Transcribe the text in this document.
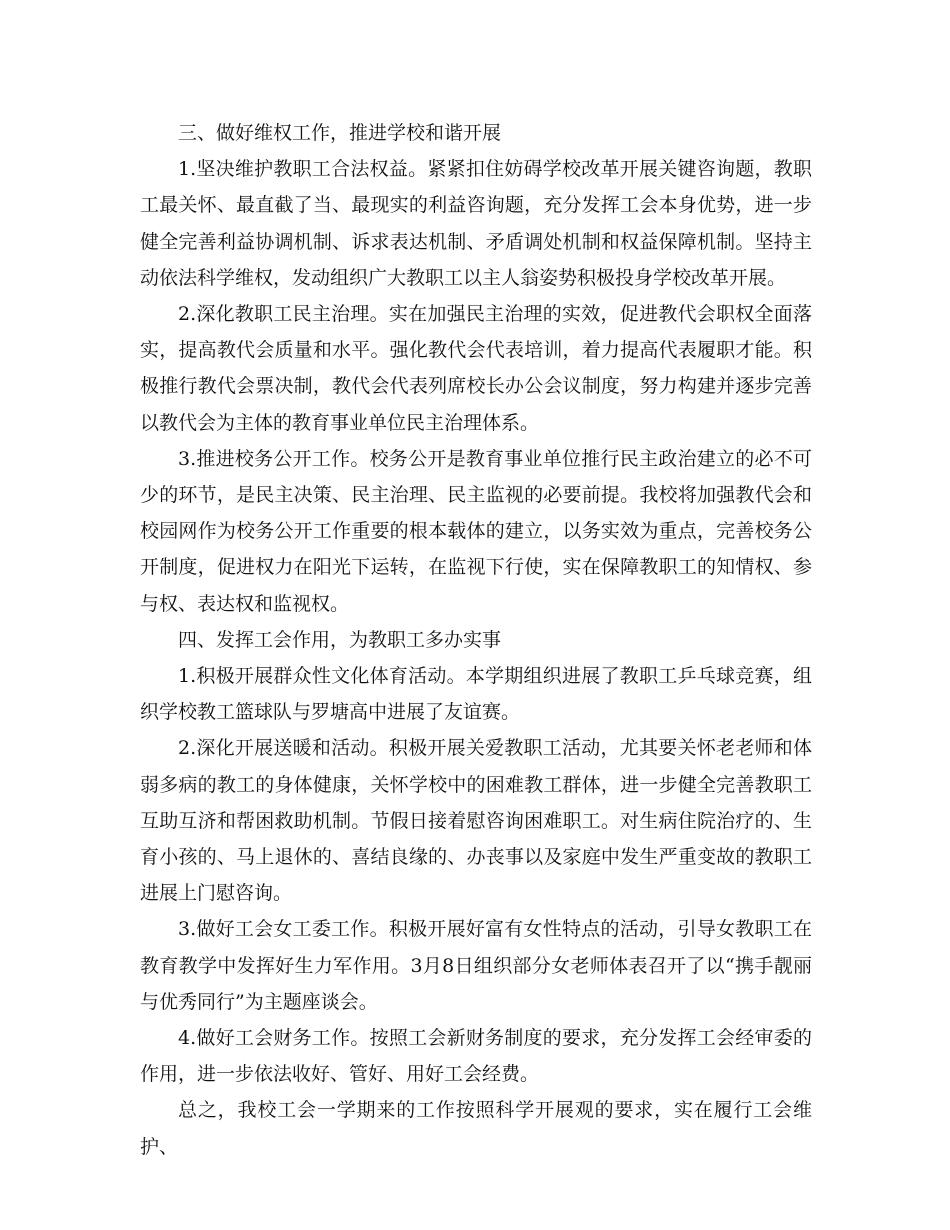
三、做好维权工作，推进学校和谐开展

1.坚决维护教职工合法权益。紧紧扣住妨碍学校改革开展关键咨询题，教职工最关怀、最直截了当、最现实的利益咨询题，充分发挥工会本身优势，进一步健全完善利益协调机制、诉求表达机制、矛盾调处机制和权益保障机制。坚持主动依法科学维权，发动组织广大教职工以主人翁姿势积极投身学校改革开展。

2.深化教职工民主治理。实在加强民主治理的实效，促进教代会职权全面落实，提高教代会质量和水平。强化教代会代表培训，着力提高代表履职才能。积极推行教代会票决制，教代会代表列席校长办公会议制度，努力构建并逐步完善以教代会为主体的教育事业单位民主治理体系。

3.推进校务公开工作。校务公开是教育事业单位推行民主政治建立的必不可少的环节，是民主决策、民主治理、民主监视的必要前提。我校将加强教代会和校园网作为校务公开工作重要的根本载体的建立，以务实效为重点，完善校务公开制度，促进权力在阳光下运转，在监视下行使，实在保障教职工的知情权、参与权、表达权和监视权。

四、发挥工会作用，为教职工多办实事

1.积极开展群众性文化体育活动。本学期组织进展了教职工乒乓球竞赛，组织学校教工篮球队与罗塘高中进展了友谊赛。

2.深化开展送暖和活动。积极开展关爱教职工活动，尤其要关怀老老师和体弱多病的教工的身体健康，关怀学校中的困难教工群体，进一步健全完善教职工互助互济和帮困救助机制。节假日接着慰咨询困难职工。对生病住院治疗的、生育小孩的、马上退休的、喜结良缘的、办丧事以及家庭中发生严重变故的教职工进展上门慰咨询。

3.做好工会女工委工作。积极开展好富有女性特点的活动，引导女教职工在教育教学中发挥好生力军作用。3月8日组织部分女老师体表召开了以“携手靓丽与优秀同行”为主题座谈会。

4.做好工会财务工作。按照工会新财务制度的要求，充分发挥工会经审委的作用，进一步依法收好、管好、用好工会经费。

总之，我校工会一学期来的工作按照科学开展观的要求，实在履行工会维护、
